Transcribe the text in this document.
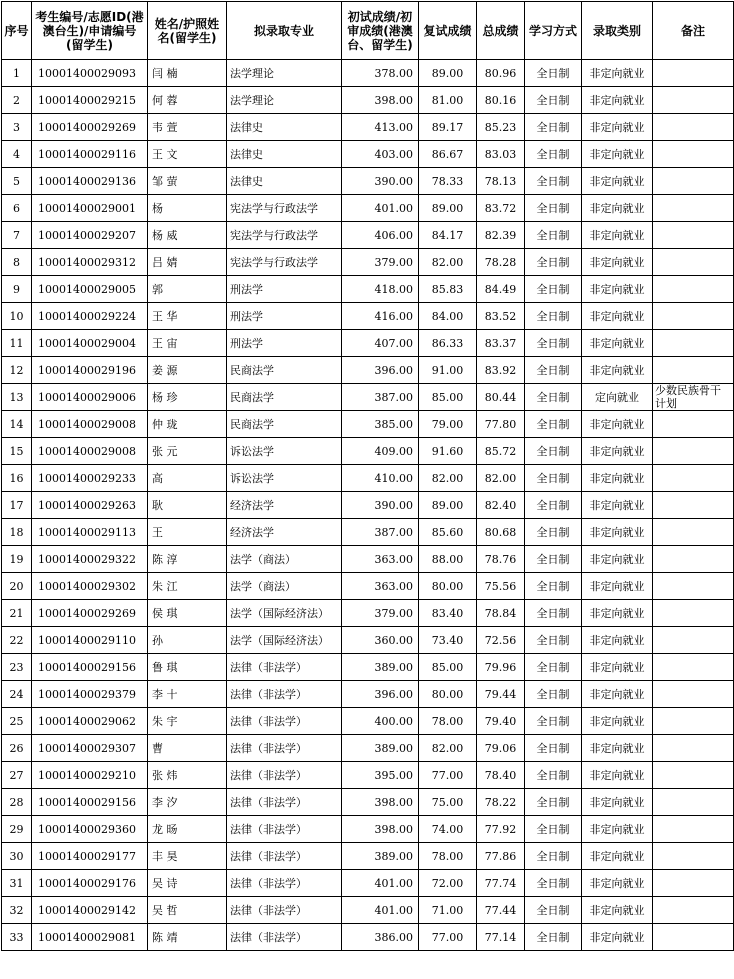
序号	考生编号/志愿ID(港澳台生)/申请编号(留学生)	姓名/护照姓名(留学生)	拟录取专业	初试成绩/初审成绩(港澳台、留学生)	复试成绩	总成绩	学习方式	录取类别	备注
1	10001400029093	闫 楠	法学理论	378.00	89.00	80.96	全日制	非定向就业	
2	10001400029215	何 蓉	法学理论	398.00	81.00	80.16	全日制	非定向就业	
3	10001400029269	韦 萱	法律史	413.00	89.17	85.23	全日制	非定向就业	
4	10001400029116	王 文	法律史	403.00	86.67	83.03	全日制	非定向就业	
5	10001400029136	邹 萤	法律史	390.00	78.33	78.13	全日制	非定向就业	
6	10001400029001	杨	宪法学与行政法学	401.00	89.00	83.72	全日制	非定向就业	
7	10001400029207	杨 威	宪法学与行政法学	406.00	84.17	82.39	全日制	非定向就业	
8	10001400029312	吕 婧	宪法学与行政法学	379.00	82.00	78.28	全日制	非定向就业	
9	10001400029005	郭	刑法学	418.00	85.83	84.49	全日制	非定向就业	
10	10001400029224	王 华	刑法学	416.00	84.00	83.52	全日制	非定向就业	
11	10001400029004	王 宙	刑法学	407.00	86.33	83.37	全日制	非定向就业	
12	10001400029196	姜 源	民商法学	396.00	91.00	83.92	全日制	非定向就业	
13	10001400029006	杨 珍	民商法学	387.00	85.00	80.44	全日制	定向就业	少数民族骨干计划
14	10001400029008	仲 珑	民商法学	385.00	79.00	77.80	全日制	非定向就业	
15	10001400029008	张 元	诉讼法学	409.00	91.60	85.72	全日制	非定向就业	
16	10001400029233	高	诉讼法学	410.00	82.00	82.00	全日制	非定向就业	
17	10001400029263	耿	经济法学	390.00	89.00	82.40	全日制	非定向就业	
18	10001400029113	王	经济法学	387.00	85.60	80.68	全日制	非定向就业	
19	10001400029322	陈 淳	法学（商法）	363.00	88.00	78.76	全日制	非定向就业	
20	10001400029302	朱 江	法学（商法）	363.00	80.00	75.56	全日制	非定向就业	
21	10001400029269	侯 琪	法学（国际经济法）	379.00	83.40	78.84	全日制	非定向就业	
22	10001400029110	孙	法学（国际经济法）	360.00	73.40	72.56	全日制	非定向就业	
23	10001400029156	鲁 琪	法律（非法学）	389.00	85.00	79.96	全日制	非定向就业	
24	10001400029379	李 十	法律（非法学）	396.00	80.00	79.44	全日制	非定向就业	
25	10001400029062	朱 宇	法律（非法学）	400.00	78.00	79.40	全日制	非定向就业	
26	10001400029307	曹	法律（非法学）	389.00	82.00	79.06	全日制	非定向就业	
27	10001400029210	张 炜	法律（非法学）	395.00	77.00	78.40	全日制	非定向就业	
28	10001400029156	李 汐	法律（非法学）	398.00	75.00	78.22	全日制	非定向就业	
29	10001400029360	龙 旸	法律（非法学）	398.00	74.00	77.92	全日制	非定向就业	
30	10001400029177	丰 昊	法律（非法学）	389.00	78.00	77.86	全日制	非定向就业	
31	10001400029176	吴 诗	法律（非法学）	401.00	72.00	77.74	全日制	非定向就业	
32	10001400029142	吴 哲	法律（非法学）	401.00	71.00	77.44	全日制	非定向就业	
33	10001400029081	陈 靖	法律（非法学）	386.00	77.00	77.14	全日制	非定向就业	
